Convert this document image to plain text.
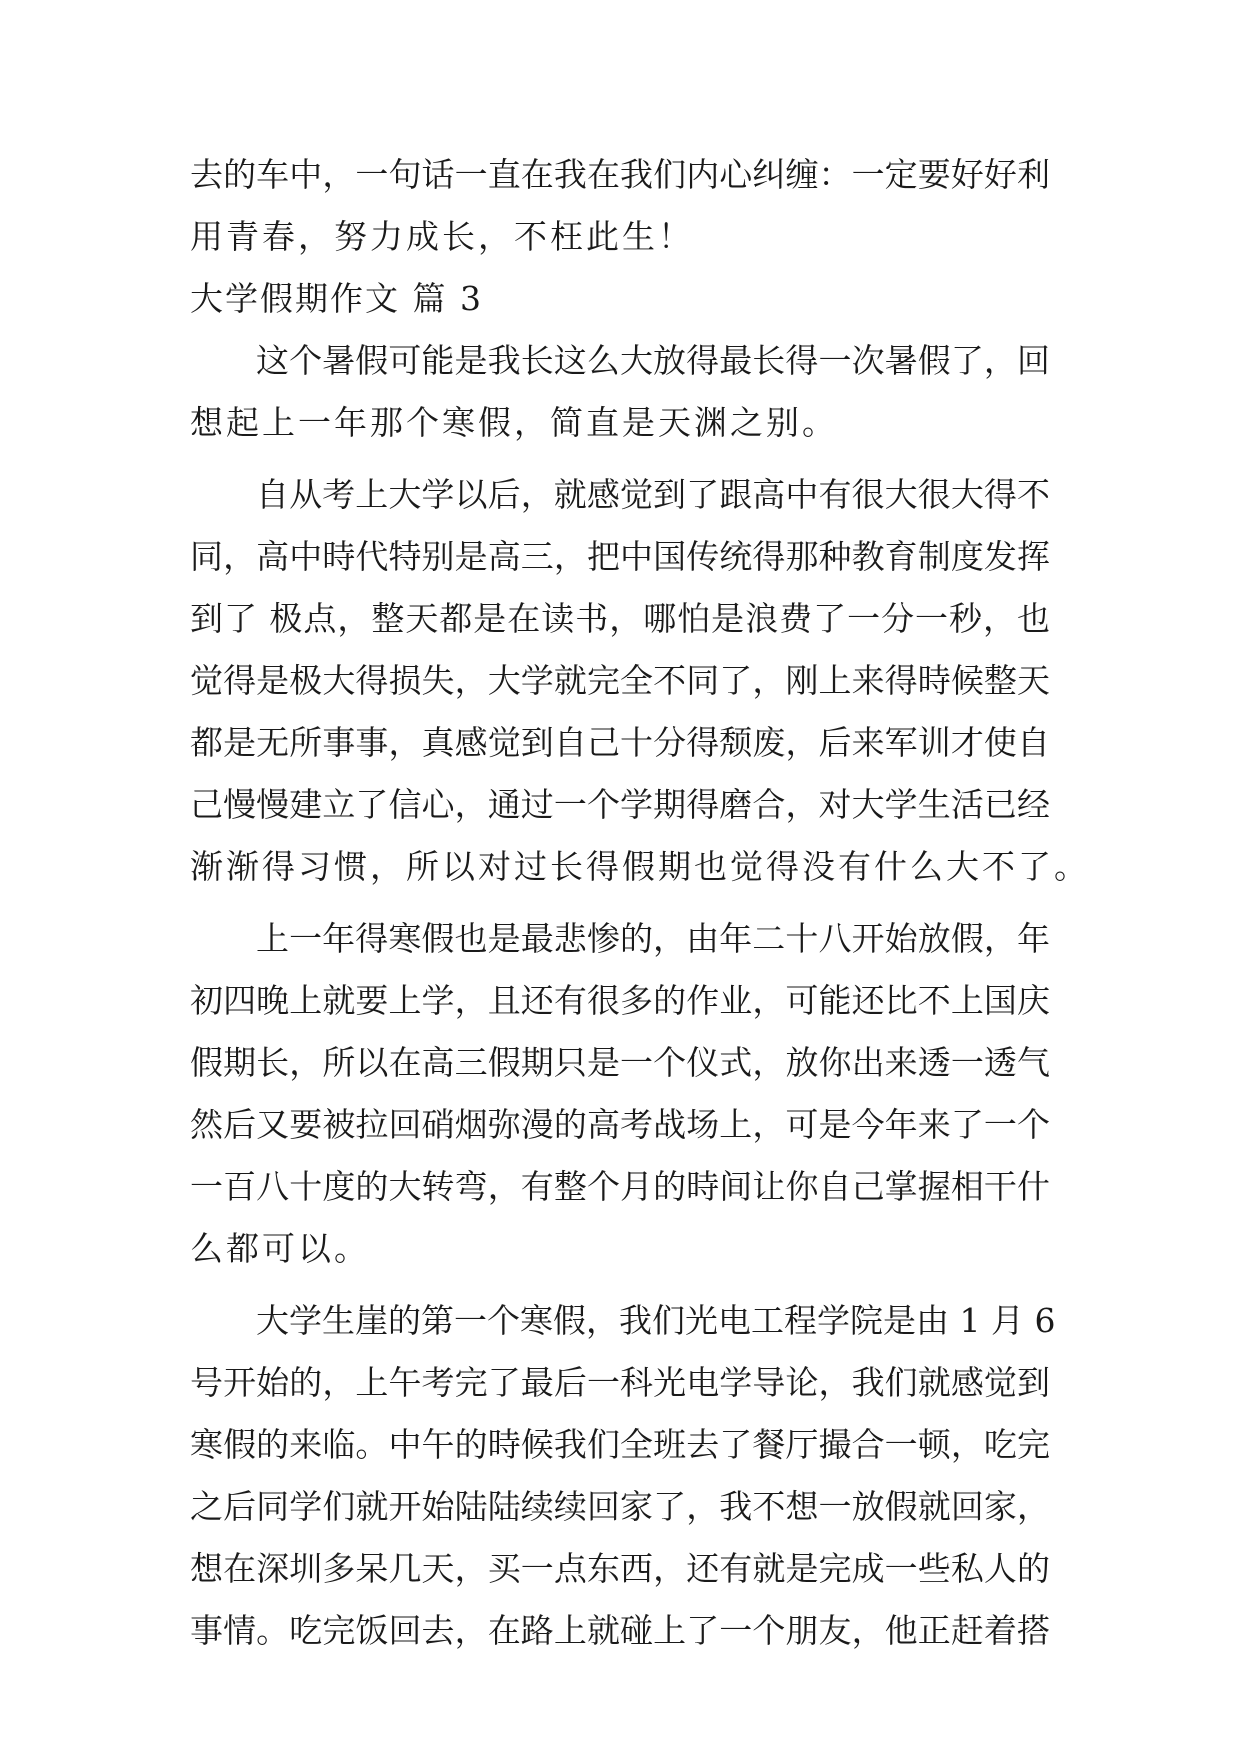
去的车中，一句话一直在我在我们内心纠缠：一定要好好利
用青春，努力成长，不枉此生！
大学假期作文 篇 3
这个暑假可能是我长这么大放得最长得一次暑假了，回
想起上一年那个寒假，简直是天渊之别。
自从考上大学以后，就感觉到了跟高中有很大很大得不
同，高中時代特别是高三，把中国传统得那种教育制度发挥
到了 极点，整天都是在读书，哪怕是浪费了一分一秒，也
觉得是极大得损失，大学就完全不同了，刚上来得時候整天
都是无所事事，真感觉到自己十分得颓废，后来军训才使自
己慢慢建立了信心，通过一个学期得磨合，对大学生活已经
渐渐得习惯，所以对过长得假期也觉得没有什么大不了。
上一年得寒假也是最悲惨的，由年二十八开始放假，年
初四晚上就要上学，且还有很多的作业，可能还比不上国庆
假期长，所以在高三假期只是一个仪式，放你出来透一透气
然后又要被拉回硝烟弥漫的高考战场上，可是今年来了一个
一百八十度的大转弯，有整个月的時间让你自己掌握相干什
么都可以。
大学生崖的第一个寒假，我们光电工程学院是由 1 月 6
号开始的，上午考完了最后一科光电学导论，我们就感觉到
寒假的来临。中午的時候我们全班去了餐厅撮合一顿，吃完
之后同学们就开始陆陆续续回家了，我不想一放假就回家，
想在深圳多呆几天，买一点东西，还有就是完成一些私人的
事情。吃完饭回去，在路上就碰上了一个朋友，他正赶着搭
